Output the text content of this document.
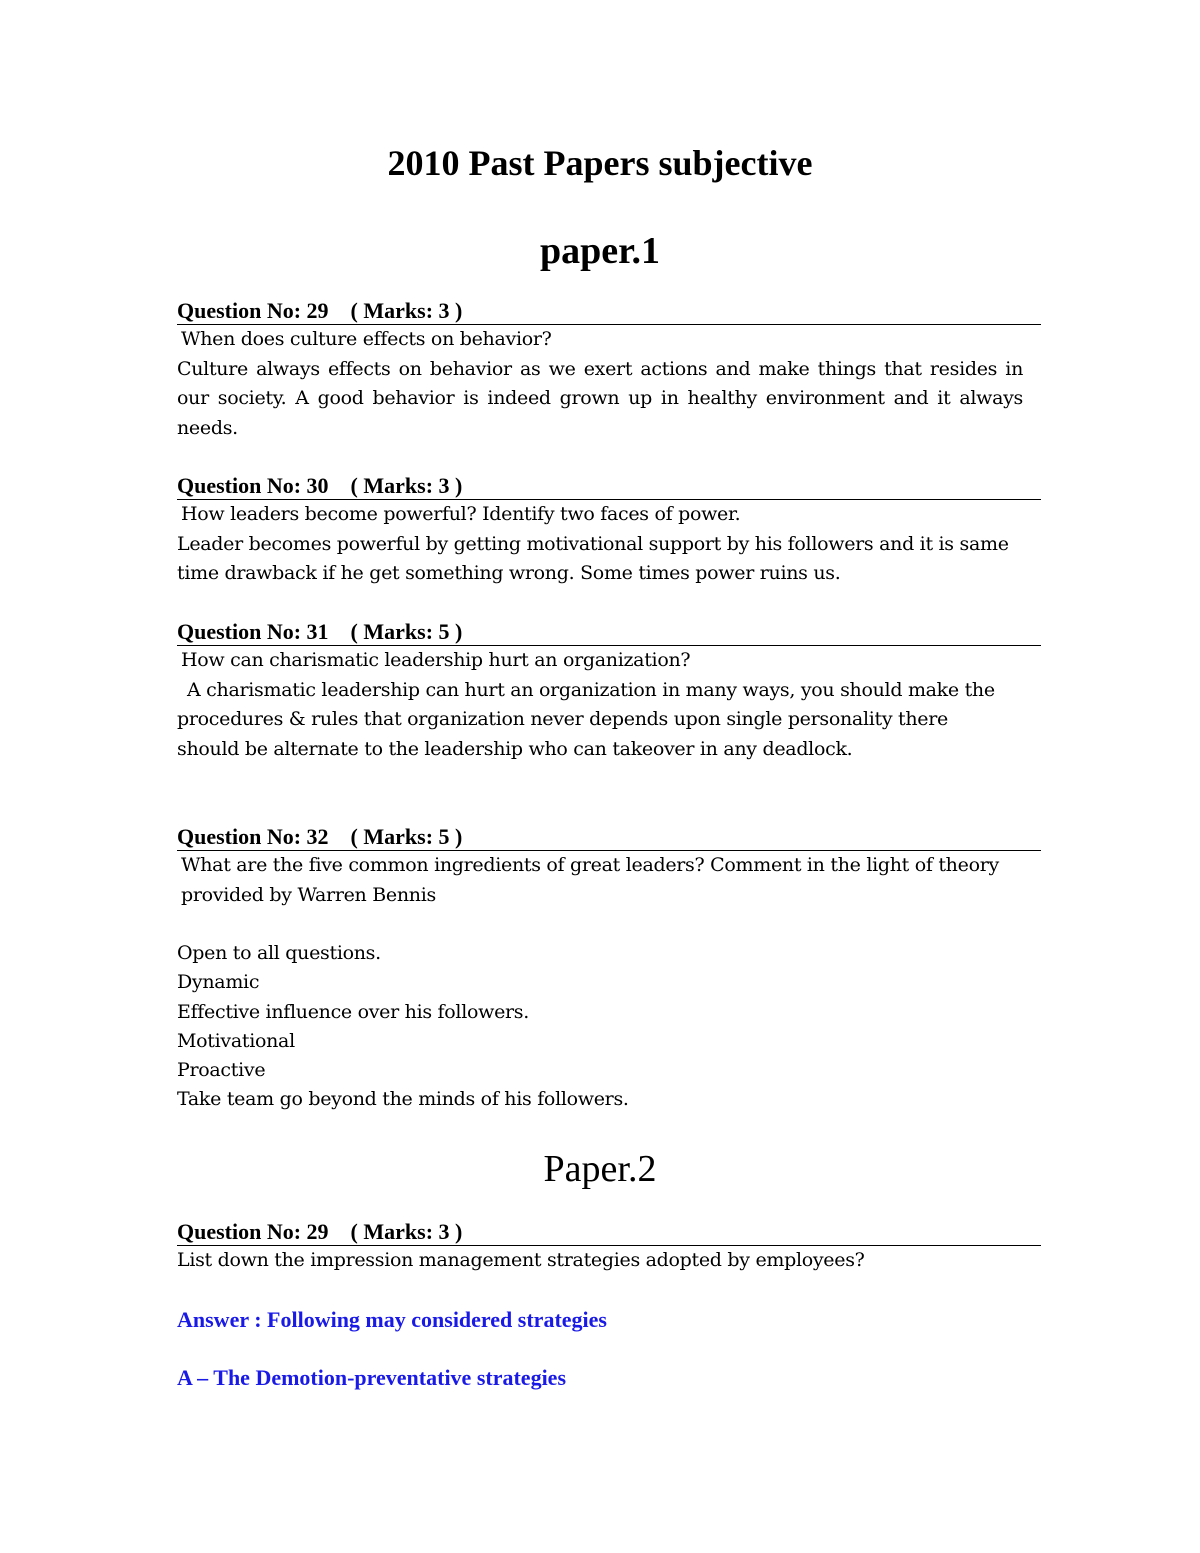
2010 Past Papers subjective
paper.1
Question No: 29    ( Marks: 3 )
When does culture effects on behavior?
Culture always effects on behavior as we exert actions and make things that resides in our society. A good behavior is indeed grown up in healthy environment and it always needs.
Question No: 30    ( Marks: 3 )
How leaders become powerful? Identify two faces of power.
Leader becomes powerful by getting motivational support by his followers and it is same time drawback if he get something wrong. Some times power ruins us.
Question No: 31    ( Marks: 5 )
How can charismatic leadership hurt an organization?
A charismatic leadership can hurt an organization in many ways, you should make the procedures & rules that organization never depends upon single personality there should be alternate to the leadership who can takeover in any deadlock.
Question No: 32    ( Marks: 5 )
What are the five common ingredients of great leaders? Comment in the light of theory provided by Warren Bennis
Open to all questions.
Dynamic
Effective influence over his followers.
Motivational
Proactive
Take team go beyond the minds of his followers.
Paper.2
Question No: 29    ( Marks: 3 )
List down the impression management strategies adopted by employees?
Answer : Following may considered strategies
A – The Demotion-preventative strategies
